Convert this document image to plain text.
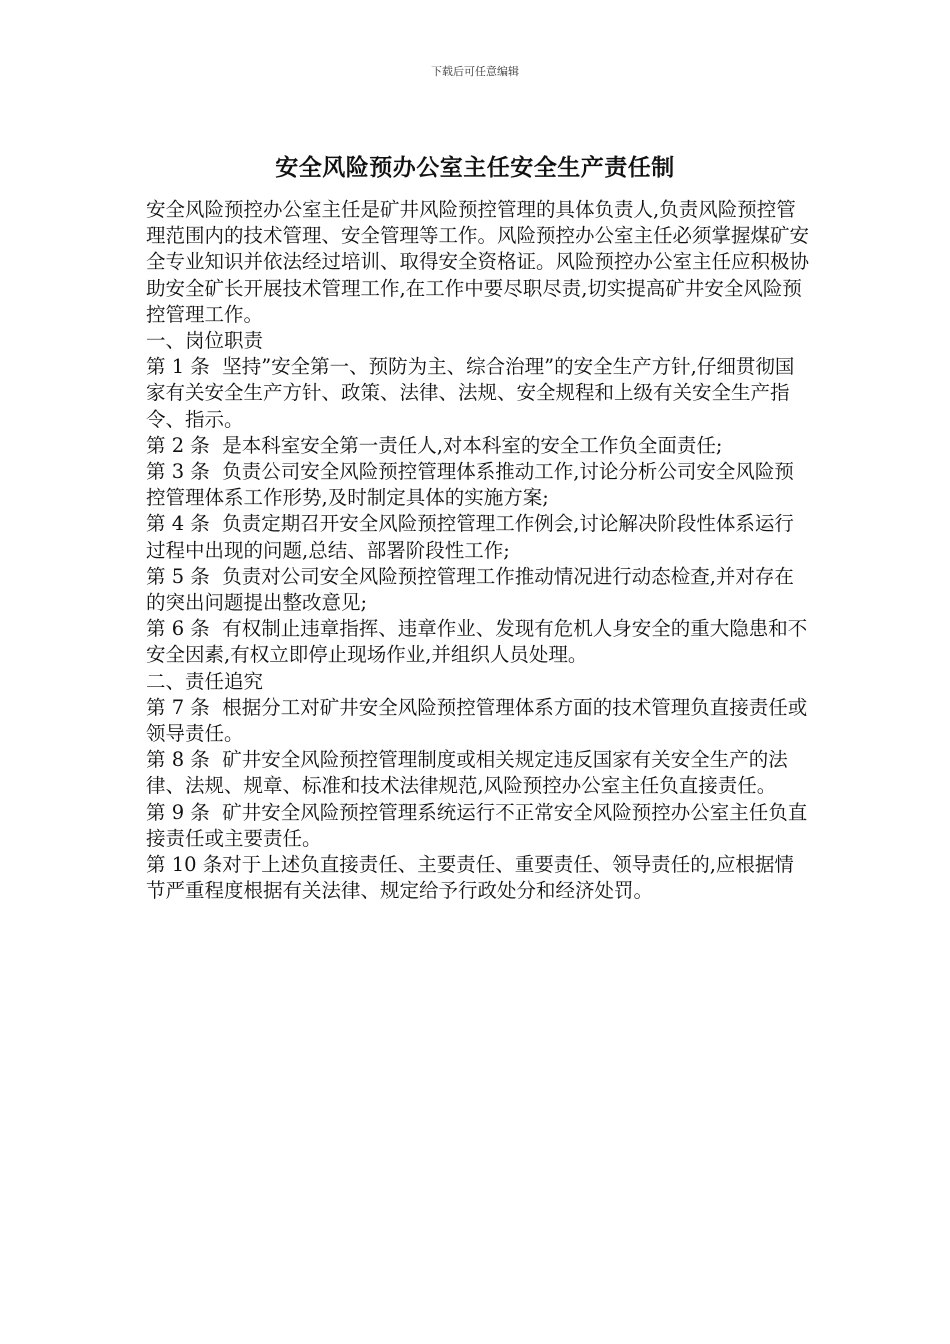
下载后可任意编辑
安全风险预办公室主任安全生产责任制

安全风险预控办公室主任是矿井风险预控管理的具体负责人,负责风险预控管理范围内的技术管理、安全管理等工作。风险预控办公室主任必须掌握煤矿安全专业知识并依法经过培训、取得安全资格证。风险预控办公室主任应积极协助安全矿长开展技术管理工作,在工作中要尽职尽责,切实提高矿井安全风险预控管理工作。

一、岗位职责

第 1 条  坚持”安全第一、预防为主、综合治理”的安全生产方针,仔细贯彻国家有关安全生产方针、政策、法律、法规、安全规程和上级有关安全生产指令、指示。

第 2 条  是本科室安全第一责任人,对本科室的安全工作负全面责任;

第 3 条  负责公司安全风险预控管理体系推动工作,讨论分析公司安全风险预控管理体系工作形势,及时制定具体的实施方案;

第 4 条  负责定期召开安全风险预控管理工作例会,讨论解决阶段性体系运行过程中出现的问题,总结、部署阶段性工作;

第 5 条  负责对公司安全风险预控管理工作推动情况进行动态检查,并对存在的突出问题提出整改意见;

第 6 条  有权制止违章指挥、违章作业、发现有危机人身安全的重大隐患和不安全因素,有权立即停止现场作业,并组织人员处理。

二、责任追究

第 7 条  根据分工对矿井安全风险预控管理体系方面的技术管理负直接责任或领导责任。

第 8 条  矿井安全风险预控管理制度或相关规定违反国家有关安全生产的法律、法规、规章、标准和技术法律规范,风险预控办公室主任负直接责任。

第 9 条  矿井安全风险预控管理系统运行不正常安全风险预控办公室主任负直接责任或主要责任。

第 10 条对于上述负直接责任、主要责任、重要责任、领导责任的,应根据情节严重程度根据有关法律、规定给予行政处分和经济处罚。
